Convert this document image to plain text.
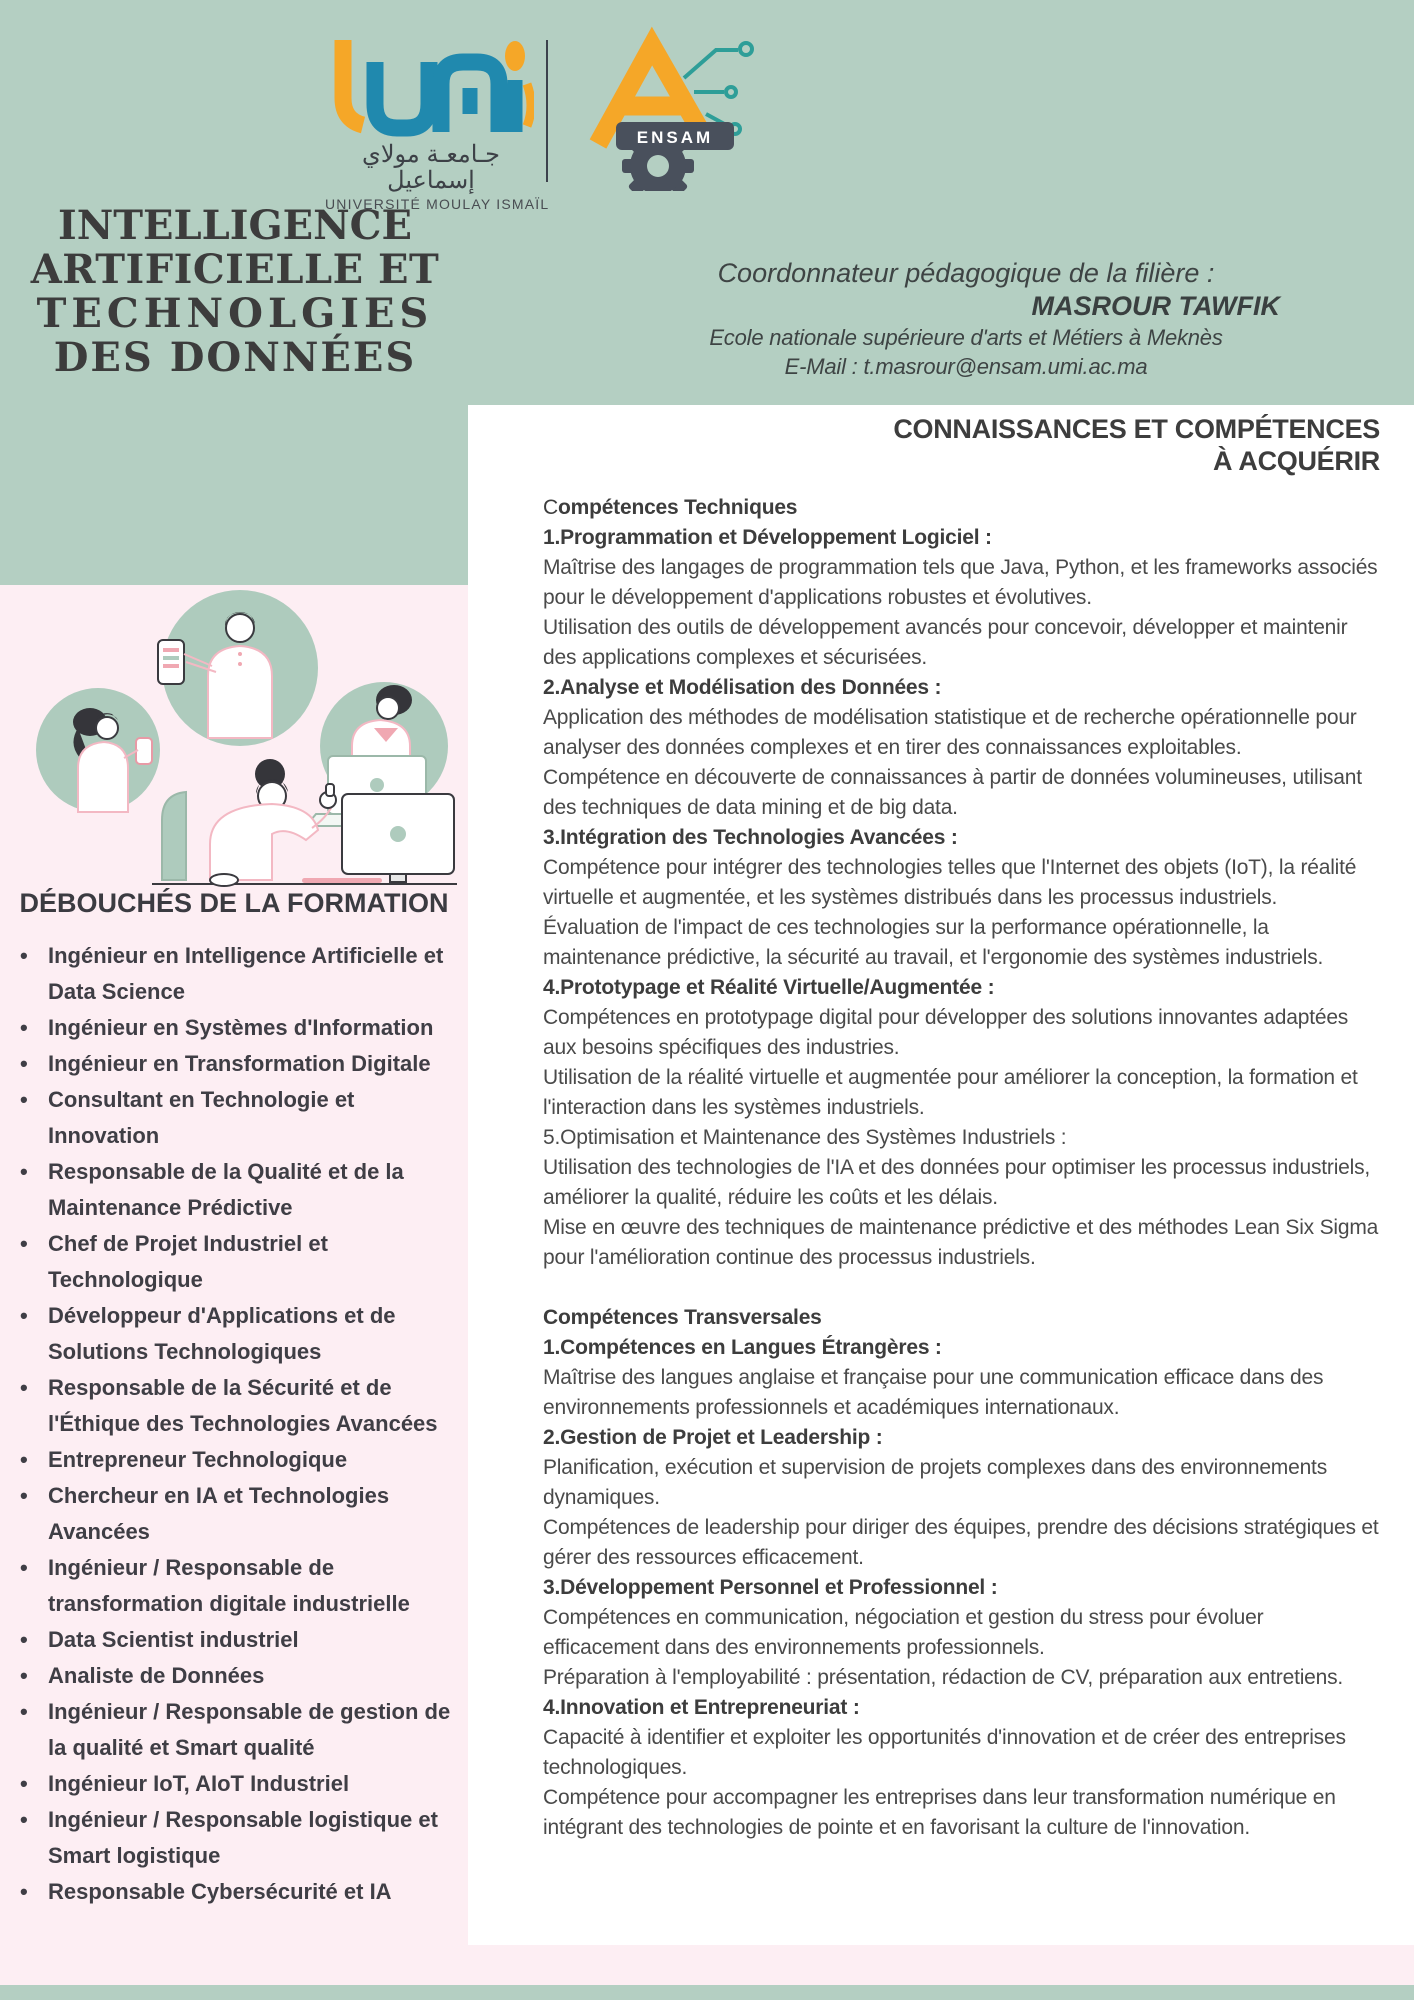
جـامعـة مولاي إسماعيل
UNIVERSITÉ MOULAY ISMAÏL
ENSAM
INTELLIGENCE
ARTIFICIELLE ET
TECHNOLGIES
DES DONNÉES
Coordonnateur pédagogique de la filière :
MASROUR TAWFIK
Ecole nationale supérieure d'arts et Métiers à Meknès
E-Mail : t.masrour@ensam.umi.ac.ma
DÉBOUCHÉS DE LA FORMATION
• Ingénieur en Intelligence Artificielle et Data Science
• Ingénieur en Systèmes d'Information
• Ingénieur en Transformation Digitale
• Consultant en Technologie et Innovation
• Responsable de la Qualité et de la Maintenance Prédictive
• Chef de Projet Industriel et Technologique
• Développeur d'Applications et de Solutions Technologiques
• Responsable de la Sécurité et de l'Éthique des Technologies Avancées
• Entrepreneur Technologique
• Chercheur en IA et Technologies Avancées
• Ingénieur / Responsable de transformation digitale industrielle
• Data Scientist industriel
• Analiste de Données
• Ingénieur / Responsable de gestion de la qualité et Smart qualité
• Ingénieur IoT, AIoT Industriel
• Ingénieur / Responsable logistique et Smart logistique
• Responsable Cybersécurité et IA
CONNAISSANCES ET COMPÉTENCES
À ACQUÉRIR

Compétences Techniques

1.Programmation et Développement Logiciel :

Maîtrise des langages de programmation tels que Java, Python, et les frameworks associés pour le développement d'applications robustes et évolutives.

Utilisation des outils de développement avancés pour concevoir, développer et maintenir des applications complexes et sécurisées.

2.Analyse et Modélisation des Données :

Application des méthodes de modélisation statistique et de recherche opérationnelle pour analyser des données complexes et en tirer des connaissances exploitables.

Compétence en découverte de connaissances à partir de données volumineuses, utilisant des techniques de data mining et de big data.

3.Intégration des Technologies Avancées :

Compétence pour intégrer des technologies telles que l'Internet des objets (IoT), la réalité virtuelle et augmentée, et les systèmes distribués dans les processus industriels.

Évaluation de l'impact de ces technologies sur la performance opérationnelle, la maintenance prédictive, la sécurité au travail, et l'ergonomie des systèmes industriels.

4.Prototypage et Réalité Virtuelle/Augmentée :

Compétences en prototypage digital pour développer des solutions innovantes adaptées aux besoins spécifiques des industries.

Utilisation de la réalité virtuelle et augmentée pour améliorer la conception, la formation et l'interaction dans les systèmes industriels.

5.Optimisation et Maintenance des Systèmes Industriels :

Utilisation des technologies de l'IA et des données pour optimiser les processus industriels, améliorer la qualité, réduire les coûts et les délais.

Mise en œuvre des techniques de maintenance prédictive et des méthodes Lean Six Sigma pour l'amélioration continue des processus industriels.

Compétences Transversales

1.Compétences en Langues Étrangères :

Maîtrise des langues anglaise et française pour une communication efficace dans des environnements professionnels et académiques internationaux.

2.Gestion de Projet et Leadership :

Planification, exécution et supervision de projets complexes dans des environnements dynamiques.

Compétences de leadership pour diriger des équipes, prendre des décisions stratégiques et gérer des ressources efficacement.

3.Développement Personnel et Professionnel :

Compétences en communication, négociation et gestion du stress pour évoluer efficacement dans des environnements professionnels.

Préparation à l'employabilité : présentation, rédaction de CV, préparation aux entretiens.

4.Innovation et Entrepreneuriat :

Capacité à identifier et exploiter les opportunités d'innovation et de créer des entreprises technologiques.

Compétence pour accompagner les entreprises dans leur transformation numérique en intégrant des technologies de pointe et en favorisant la culture de l'innovation.
